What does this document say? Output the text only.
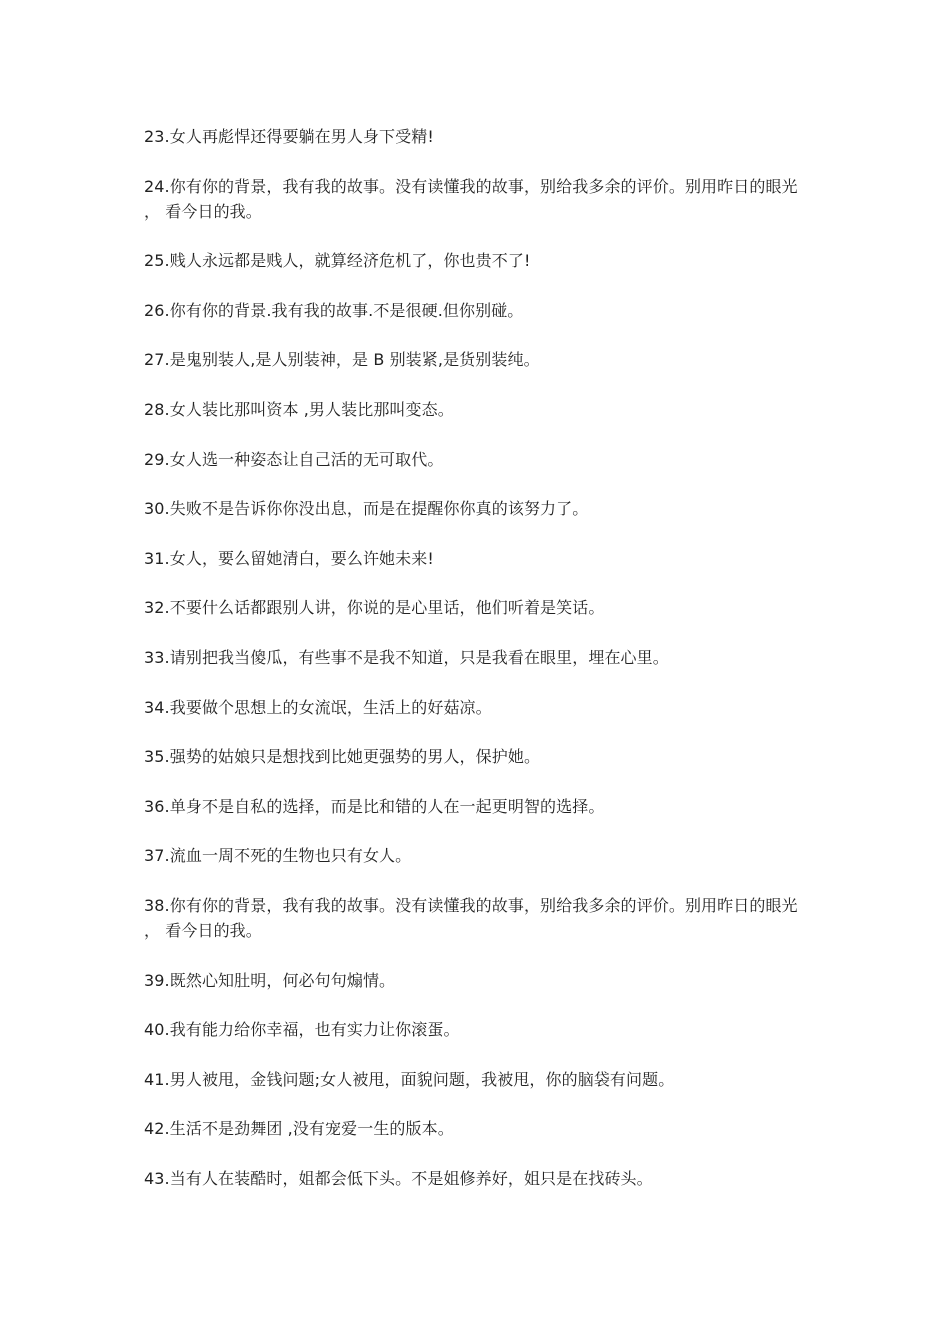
23.女人再彪悍还得要躺在男人身下受精!

24.你有你的背景，我有我的故事。没有读懂我的故事，别给我多余的评价。别用昨日的眼光 ， 看今日的我。

25.贱人永远都是贱人，就算经济危机了，你也贵不了!

26.你有你的背景.我有我的故事.不是很硬.但你别碰。

27.是鬼别装人,是人别装神，是 B 别装紧,是货别装纯。

28.女人装比那叫资本 ,男人装比那叫变态。

29.女人选一种姿态让自己活的无可取代。

30.失败不是告诉你你没出息，而是在提醒你你真的该努力了。

31.女人，要么留她清白，要么许她未来!

32.不要什么话都跟别人讲，你说的是心里话，他们听着是笑话。

33.请别把我当傻瓜，有些事不是我不知道，只是我看在眼里，埋在心里。

34.我要做个思想上的女流氓，生活上的好菇凉。

35.强势的姑娘只是想找到比她更强势的男人，保护她。

36.单身不是自私的选择，而是比和错的人在一起更明智的选择。

37.流血一周不死的生物也只有女人。

38.你有你的背景，我有我的故事。没有读懂我的故事，别给我多余的评价。别用昨日的眼光 ， 看今日的我。

39.既然心知肚明，何必句句煽情。

40.我有能力给你幸福，也有实力让你滚蛋。

41.男人被甩，金钱问题;女人被甩，面貌问题，我被甩，你的脑袋有问题。

42.生活不是劲舞团 ,没有宠爱一生的版本。

43.当有人在装酷时，姐都会低下头。不是姐修养好，姐只是在找砖头。
